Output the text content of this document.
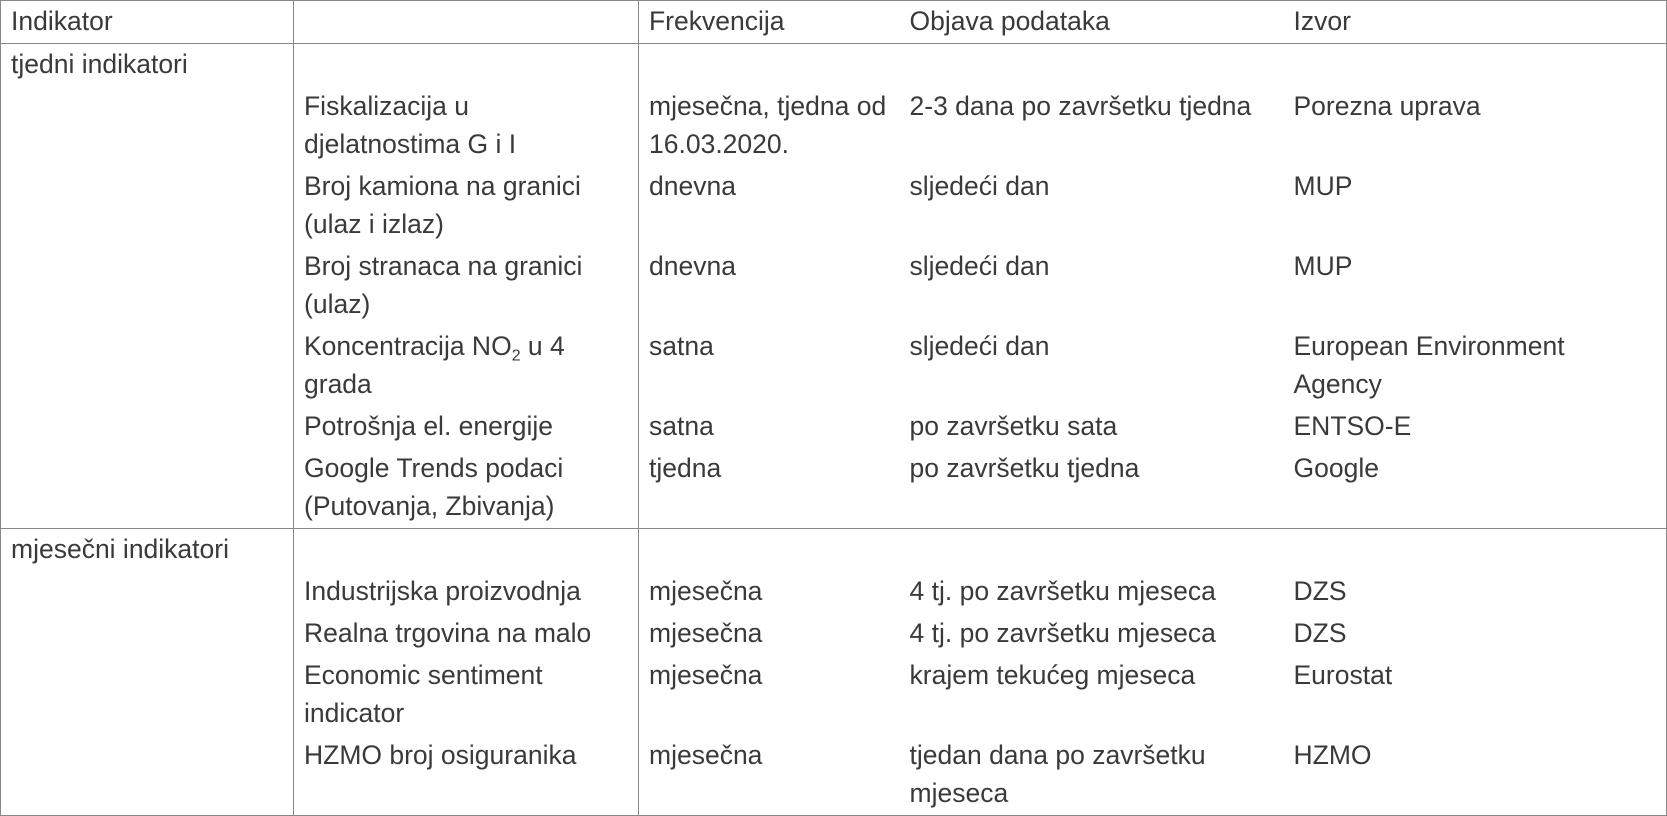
Indikator		Frekvencija	Objava podataka	Izvor
tjedni indikatori				
	Fiskalizacija u djelatnostima G i I	mjesečna, tjedna od 16.03.2020.	2-3 dana po završetku tjedna	Porezna uprava
	Broj kamiona na granici (ulaz i izlaz)	dnevna	sljedeći dan	MUP
	Broj stranaca na granici (ulaz)	dnevna	sljedeći dan	MUP
	Koncentracija $NO_2$ u 4 grada	satna	sljedeći dan	European Environment Agency
	Potrošnja el. energije	satna	po završetku sata	ENTSO-E
	Google Trends podaci (Putovanja, Zbivanja)	tjedna	po završetku tjedna	Google
mjesečni indikatori				
	Industrijska proizvodnja	mjesečna	4 tj. po završetku mjeseca	DZS
	Realna trgovina na malo	mjesečna	4 tj. po završetku mjeseca	DZS
	Economic sentiment indicator	mjesečna	krajem tekućeg mjeseca	Eurostat
	HZMO broj osiguranika	mjesečna	tjedan dana po završetku mjeseca	HZMO
